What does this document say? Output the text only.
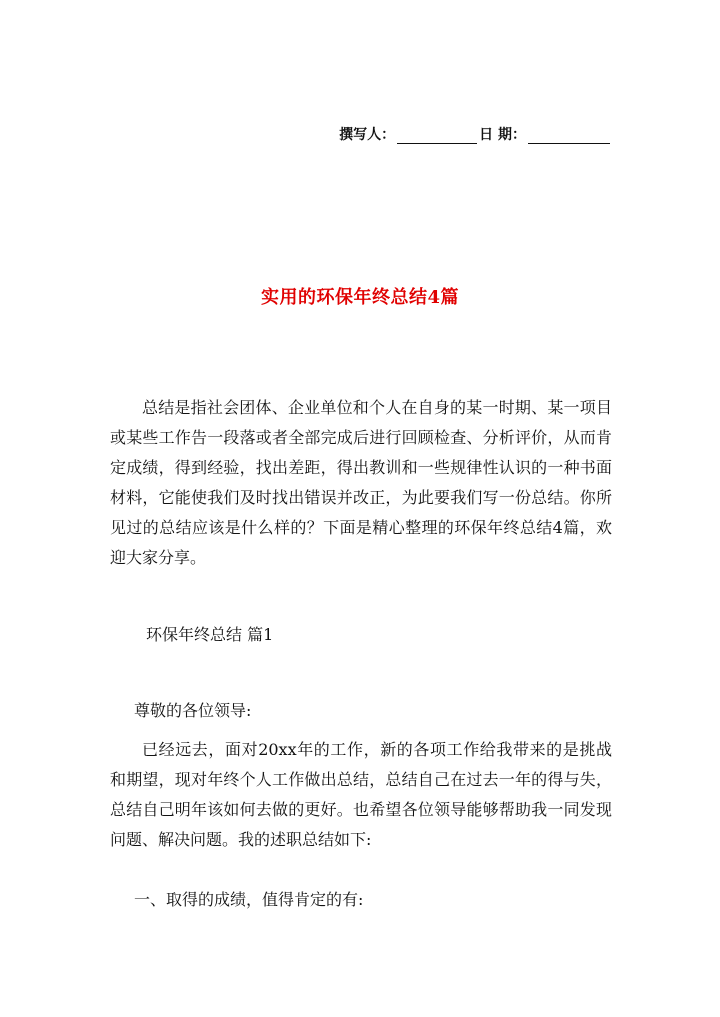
撰写人：	日 期：
实用的环保年终总结4篇

总结是指社会团体、企业单位和个人在自身的某一时期、某一项目或某些工作告一段落或者全部完成后进行回顾检查、分析评价，从而肯定成绩，得到经验，找出差距，得出教训和一些规律性认识的一种书面材料，它能使我们及时找出错误并改正，为此要我们写一份总结。你所见过的总结应该是什么样的？下面是精心整理的环保年终总结4篇，欢迎大家分享。

环保年终总结 篇1
尊敬的各位领导:

已经远去，面对20xx年的工作，新的各项工作给我带来的是挑战和期望，现对年终个人工作做出总结，总结自己在过去一年的得与失，总结自己明年该如何去做的更好。也希望各位领导能够帮助我一同发现问题、解决问题。我的述职总结如下:

一、取得的成绩，值得肯定的有:
